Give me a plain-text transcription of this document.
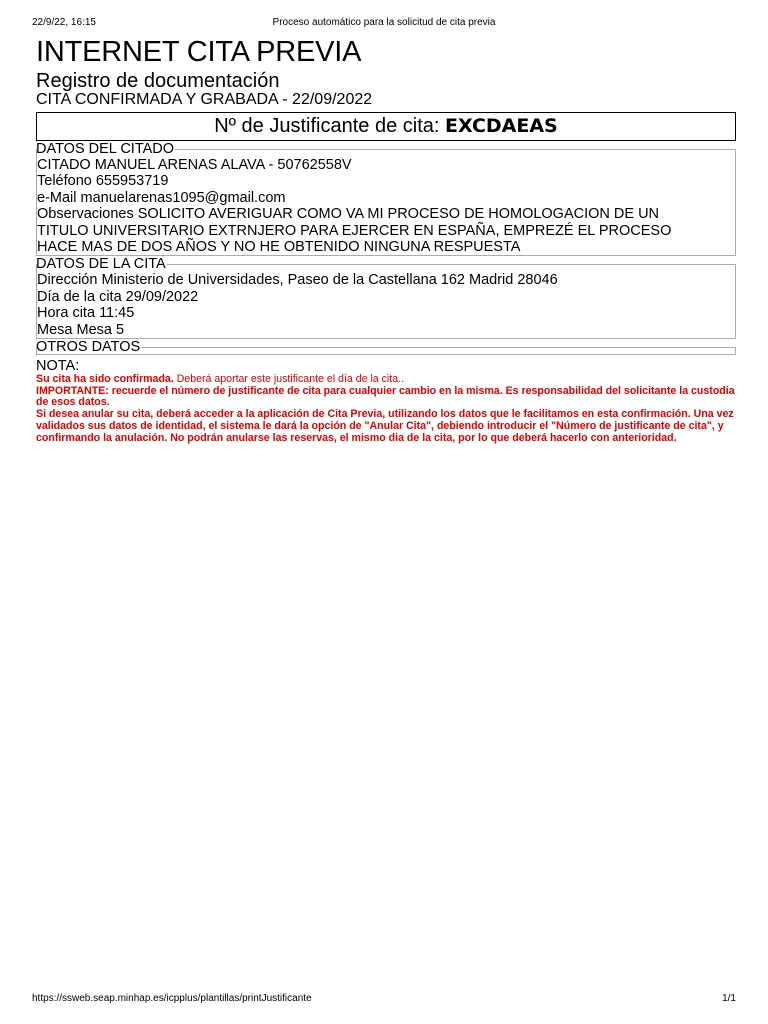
22/9/22, 16:15	Proceso automático para la solicitud de cita previa
INTERNET CITA PREVIA
Registro de documentación
CITA CONFIRMADA Y GRABADA - 22/09/2022
Nº de Justificante de cita: EXCDAEAS
DATOS DEL CITADO
CITADO MANUEL ARENAS ALAVA - 50762558V
Teléfono 655953719
e-Mail manuelarenas1095@gmail.com
Observaciones SOLICITO AVERIGUAR COMO VA MI PROCESO DE HOMOLOGACION DE UN TITULO UNIVERSITARIO EXTRNJERO PARA EJERCER EN ESPAÑA, EMPREZÉ EL PROCESO HACE MAS DE DOS AÑOS Y NO HE OBTENIDO NINGUNA RESPUESTA
DATOS DE LA CITA
Dirección Ministerio de Universidades, Paseo de la Castellana 162 Madrid 28046
Día de la cita 29/09/2022
Hora cita 11:45
Mesa Mesa 5
OTROS DATOS
NOTA:
Su cita ha sido confirmada. Deberá aportar este justificante el día de la cita..
IMPORTANTE: recuerde el número de justificante de cita para cualquier cambio en la misma. Es responsabilidad del solicitante la custodia de esos datos.
Si desea anular su cita, deberá acceder a la aplicación de Cita Previa, utilizando los datos que le facilitamos en esta confirmación. Una vez validados sus datos de identidad, el sistema le dará la opción de "Anular Cita", debiendo introducir el "Número de justificante de cita", y confirmando la anulación. No podrán anularse las reservas, el mismo dia de la cita, por lo que deberá hacerlo con anterioridad.
https://ssweb.seap.minhap.es/icpplus/plantillas/printJustificante	1/1
